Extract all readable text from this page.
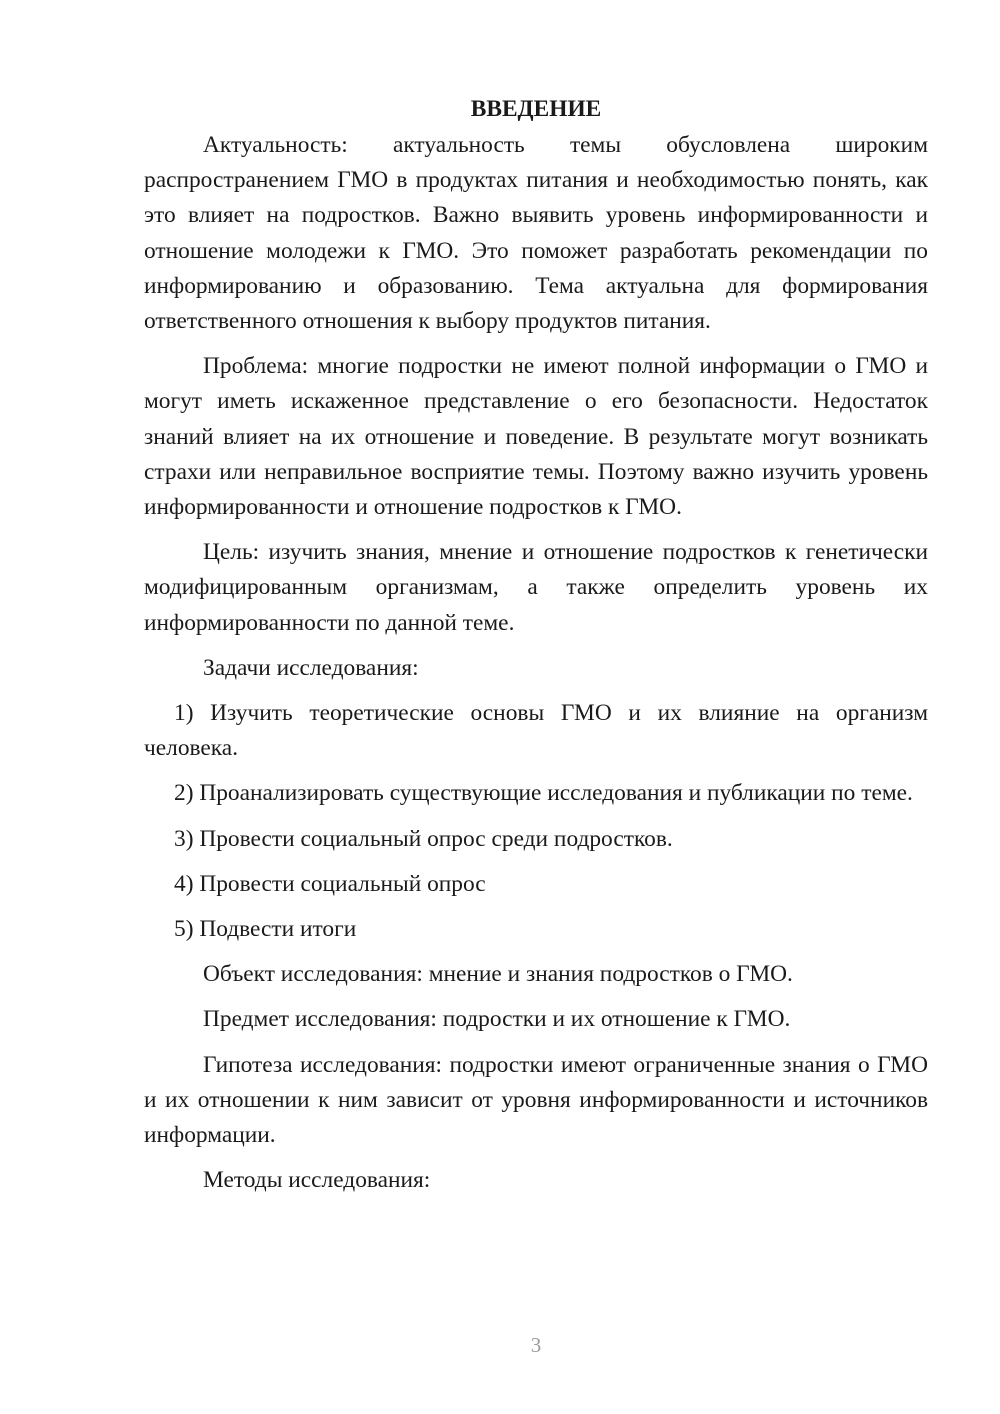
ВВЕДЕНИЕ

Актуальность: актуальность темы обусловлена широким распространением ГМО в продуктах питания и необходимостью понять, как это влияет на подростков. Важно выявить уровень информированности и отношение молодежи к ГМО. Это поможет разработать рекомендации по информированию и образованию. Тема актуальна для формирования ответственного отношения к выбору продуктов питания.

Проблема: многие подростки не имеют полной информации о ГМО и могут иметь искаженное представление о его безопасности. Недостаток знаний влияет на их отношение и поведение. В результате могут возникать страхи или неправильное восприятие темы. Поэтому важно изучить уровень информированности и отношение подростков к ГМО.

Цель: изучить знания, мнение и отношение подростков к генетически модифицированным организмам, а также определить уровень их информированности по данной теме.

Задачи исследования:

1) Изучить теоретические основы ГМО и их влияние на организм человека.

2) Проанализировать существующие исследования и публикации по теме.

3) Провести социальный опрос среди подростков.

4) Провести социальный опрос

5) Подвести итоги

Объект исследования: мнение и знания подростков о ГМО.

Предмет исследования: подростки и их отношение к ГМО.

Гипотеза исследования: подростки имеют ограниченные знания о ГМО и их отношении к ним зависит от уровня информированности и источников информации.

Методы исследования:

3
